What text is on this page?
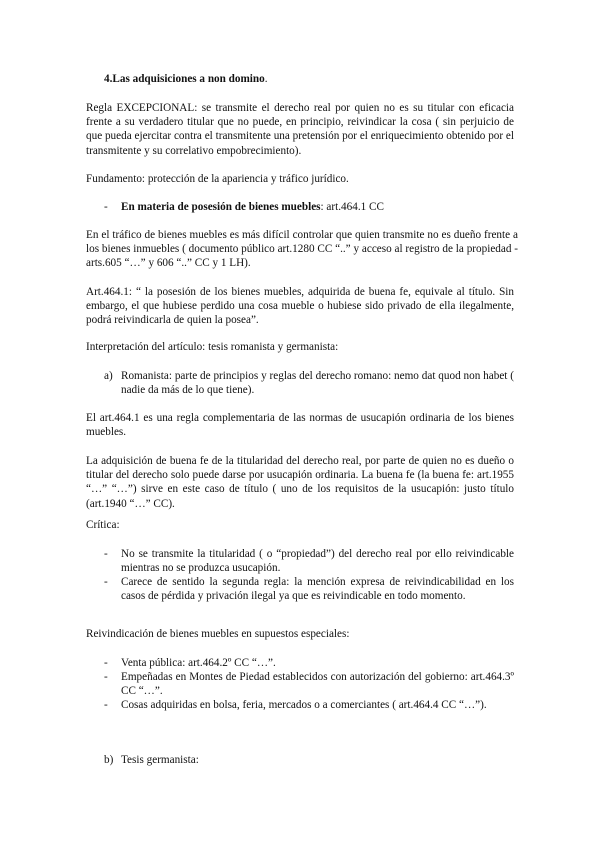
4.Las adquisiciones a non domino.
Regla EXCEPCIONAL: se transmite el derecho real por quien no es su titular con eficacia frente a su verdadero titular que no puede, en principio, reivindicar la cosa ( sin perjuicio de que pueda ejercitar contra el transmitente una pretensión por el enriquecimiento obtenido por el transmitente y su correlativo empobrecimiento).
Fundamento: protección de la apariencia y tráfico jurídico.
- En materia de posesión de bienes muebles: art.464.1 CC
En el tráfico de bienes muebles es más difícil controlar que quien transmite no es dueño frente a los bienes inmuebles ( documento público art.1280 CC “..” y acceso al registro de la propiedad - arts.605 “…” y 606 “..” CC y 1 LH).
Art.464.1: “ la posesión de los bienes muebles, adquirida de buena fe, equivale al título. Sin embargo, el que hubiese perdido una cosa mueble o hubiese sido privado de ella ilegalmente, podrá reivindicarla de quien la posea”.
Interpretación del artículo: tesis romanista y germanista:
a) Romanista: parte de principios y reglas del derecho romano: nemo dat quod non habet ( nadie da más de lo que tiene).
El art.464.1 es una regla complementaria de las normas de usucapión ordinaria de los bienes muebles.
La adquisición de buena fe de la titularidad del derecho real, por parte de quien no es dueño o titular del derecho solo puede darse por usucapión ordinaria. La buena fe (la buena fe: art.1955 “…” “…”) sirve en este caso de título ( uno de los requisitos de la usucapión: justo título (art.1940 “…” CC).
Crítica:
- No se transmite la titularidad ( o “propiedad”) del derecho real por ello reivindicable mientras no se produzca usucapión.
- Carece de sentido la segunda regla: la mención expresa de reivindicabilidad en los casos de pérdida y privación ilegal ya que es reivindicable en todo momento.
Reivindicación de bienes muebles en supuestos especiales:
- Venta pública: art.464.2º CC “…”.
- Empeñadas en Montes de Piedad establecidos con autorización del gobierno: art.464.3º CC “…”.
- Cosas adquiridas en bolsa, feria, mercados o a comerciantes ( art.464.4 CC “…”).
b) Tesis germanista:
